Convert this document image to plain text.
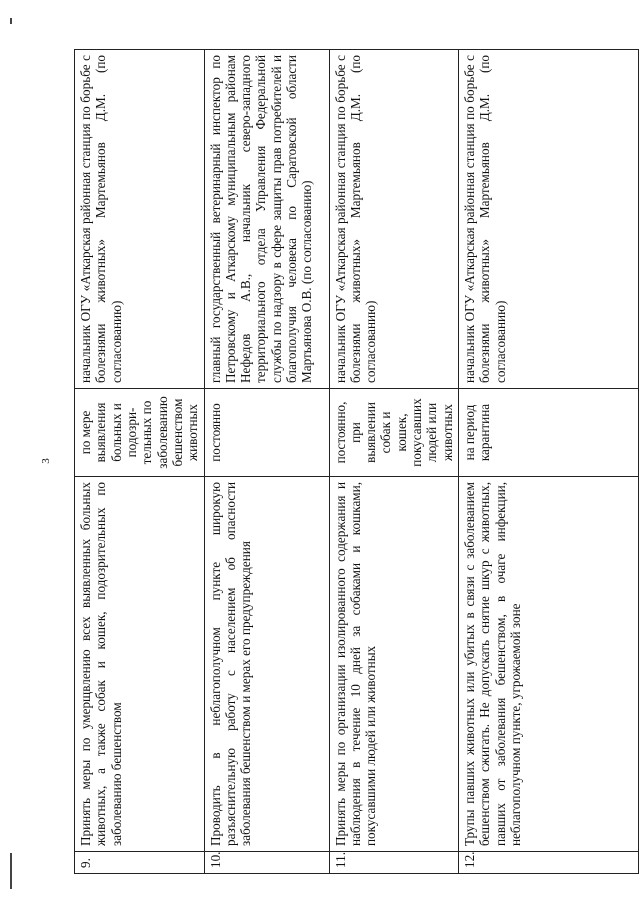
3
9.	Принять меры по умерщвлению всех выявленных больных животных, а также собак и кошек, подозрительных по заболеванию бешенством	по мере выявления больных и подозри-тельных по заболеванию бешенством животных	начальник ОГУ «Аткарская районная станция по борьбе с болезнями животных» Мартемьянов Д.М. (по согласованию)
10.	Проводить в неблагополучном пункте широкую разъяснительную работу с населением об опасности заболевания бешенством и мерах его предупреждения	постоянно	главный государственный ветеринарный инспектор по Петровскому и Аткарскому муниципальным районам Нефедов А.В., начальник северо-западного территориального отдела Управления Федеральной службы по надзору в сфере защиты прав потребителей и благополучия человека по Саратовской области Мартьянова О.В. (по согласованию)
11.	Принять меры по организации изолированного содержания и наблюдения в течение 10 дней за собаками и кошками, покусавшими людей или животных	постоянно, при выявлении собак и кошек, покусавших людей или животных	начальник ОГУ «Аткарская районная станция по борьбе с болезнями животных» Мартемьянов Д.М. (по согласованию)
12.	Трупы павших животных или убитых в связи с заболеванием бешенством сжигать. Не допускать снятие шкур с животных, павших от заболевания бешенством, в очаге инфекции, неблагополучном пункте, угрожаемой зоне	на период карантина	начальник ОГУ «Аткарская районная станция по борьбе с болезнями животных» Мартемьянов Д.М. (по согласованию)
